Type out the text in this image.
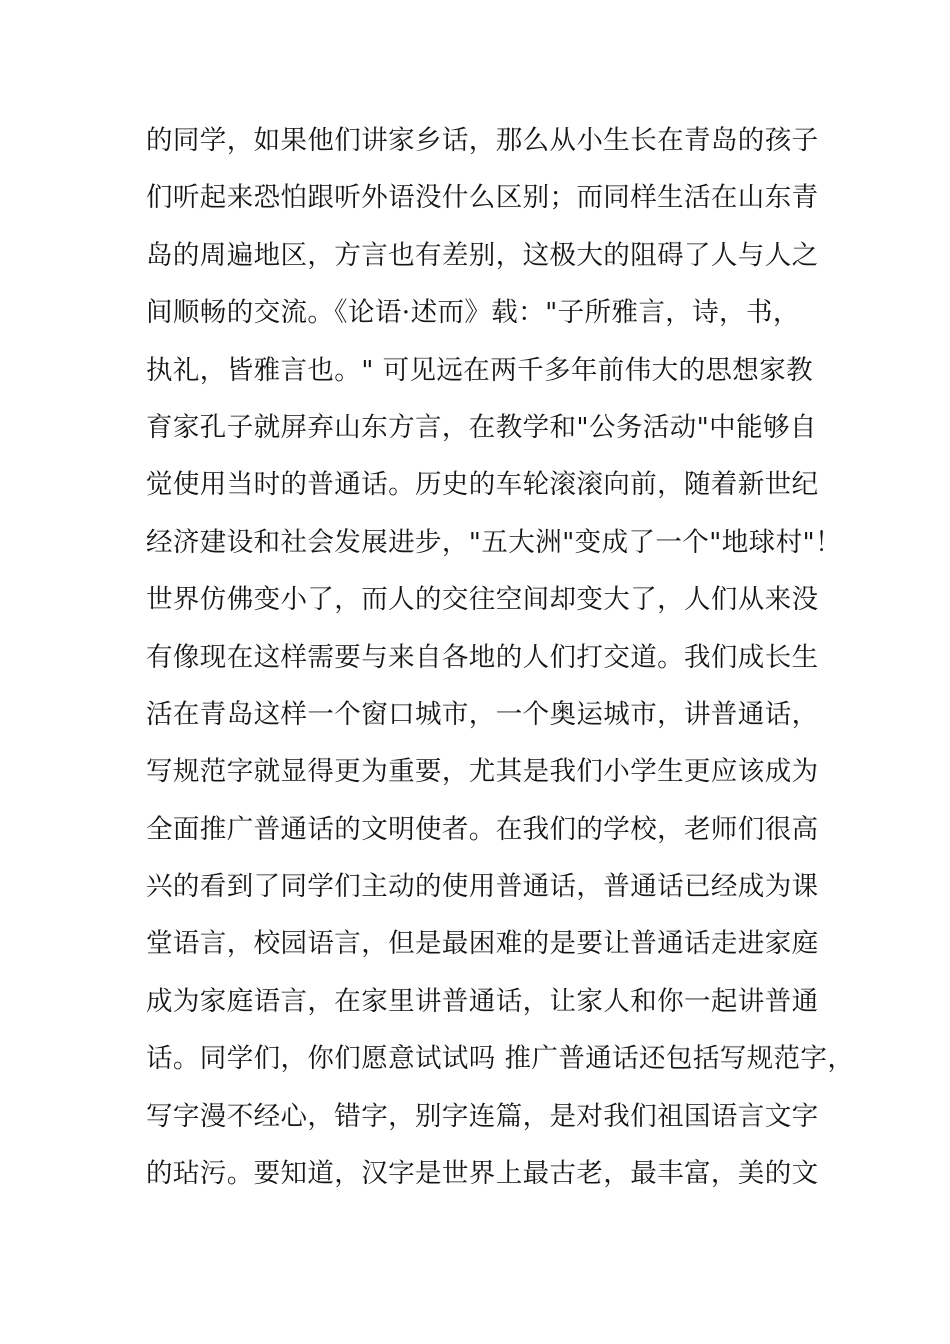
的同学，如果他们讲家乡话，那么从小生长在青岛的孩子
们听起来恐怕跟听外语没什么区别；而同样生活在山东青
岛的周遍地区，方言也有差别，这极大的阻碍了人与人之
间顺畅的交流。《论语·述而》载："子所雅言，诗，书，
执礼，皆雅言也。" 可见远在两千多年前伟大的思想家教
育家孔子就屏弃山东方言，在教学和"公务活动"中能够自
觉使用当时的普通话。历史的车轮滚滚向前，随着新世纪
经济建设和社会发展进步，"五大洲"变成了一个"地球村"！
世界仿佛变小了，而人的交往空间却变大了，人们从来没
有像现在这样需要与来自各地的人们打交道。我们成长生
活在青岛这样一个窗口城市，一个奥运城市，讲普通话，
写规范字就显得更为重要，尤其是我们小学生更应该成为
全面推广普通话的文明使者。在我们的学校，老师们很高
兴的看到了同学们主动的使用普通话，普通话已经成为课
堂语言，校园语言，但是最困难的是要让普通话走进家庭
成为家庭语言，在家里讲普通话，让家人和你一起讲普通
话。同学们，你们愿意试试吗 推广普通话还包括写规范字，
写字漫不经心，错字，别字连篇，是对我们祖国语言文字
的玷污。要知道，汉字是世界上最古老，最丰富，美的文
